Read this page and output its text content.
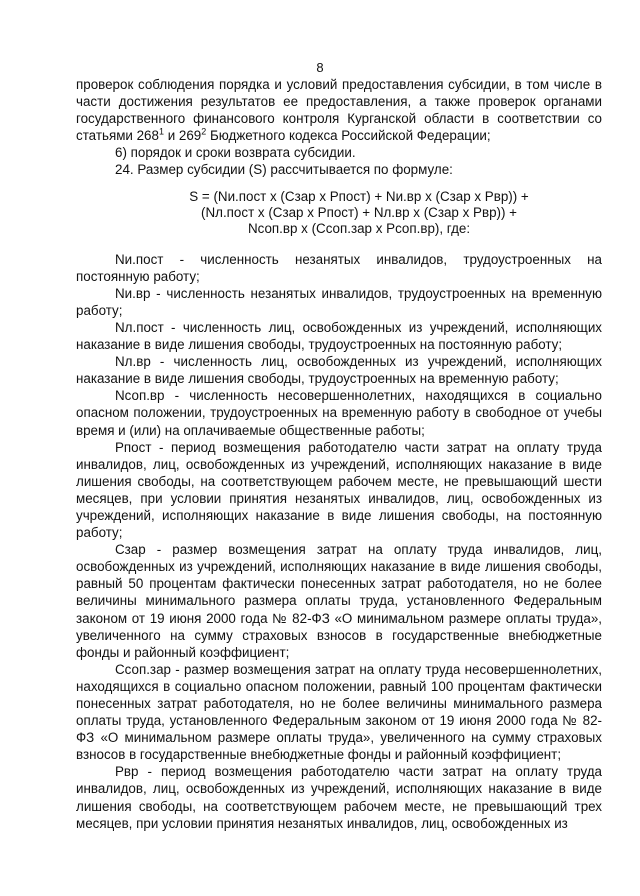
8

проверок соблюдения порядка и условий предоставления субсидии, в том числе в части достижения результатов ее предоставления, а также проверок органами государственного финансового контроля Курганской области в соответствии со статьями $268^1$ и $269^2$ Бюджетного кодекса Российской Федерации;

6) порядок и сроки возврата субсидии.

24. Размер субсидии (S) рассчитывается по формуле:

S = (Nи.пост x (Сзар x Рпост) + Nи.вр x (Сзар x Рвр)) +
(Nл.пост x (Сзар x Рпост) + Nл.вр x (Сзар x Рвр)) +
Nсоп.вр x (Ссоп.зар x Рсоп.вр), где:

Nи.пост - численность незанятых инвалидов, трудоустроенных на постоянную работу;

Nи.вр - численность незанятых инвалидов, трудоустроенных на временную работу;

Nл.пост - численность лиц, освобожденных из учреждений, исполняющих наказание в виде лишения свободы, трудоустроенных на постоянную работу;

Nл.вр - численность лиц, освобожденных из учреждений, исполняющих наказание в виде лишения свободы, трудоустроенных на временную работу;

Nсоп.вр - численность несовершеннолетних, находящихся в социально опасном положении, трудоустроенных на временную работу в свободное от учебы время и (или) на оплачиваемые общественные работы;

Рпост - период возмещения работодателю части затрат на оплату труда инвалидов, лиц, освобожденных из учреждений, исполняющих наказание в виде лишения свободы, на соответствующем рабочем месте, не превышающий шести месяцев, при условии принятия незанятых инвалидов, лиц, освобожденных из учреждений, исполняющих наказание в виде лишения свободы, на постоянную работу;

Сзар - размер возмещения затрат на оплату труда инвалидов, лиц, освобожденных из учреждений, исполняющих наказание в виде лишения свободы, равный 50 процентам фактически понесенных затрат работодателя, но не более величины минимального размера оплаты труда, установленного Федеральным законом от 19 июня 2000 года № 82-ФЗ «О минимальном размере оплаты труда», увеличенного на сумму страховых взносов в государственные внебюджетные фонды и районный коэффициент;

Ссоп.зар - размер возмещения затрат на оплату труда несовершеннолетних, находящихся в социально опасном положении, равный 100 процентам фактически понесенных затрат работодателя, но не более величины минимального размера оплаты труда, установленного Федеральным законом от 19 июня 2000 года № 82-ФЗ «О минимальном размере оплаты труда», увеличенного на сумму страховых взносов в государственные внебюджетные фонды и районный коэффициент;

Рвр - период возмещения работодателю части затрат на оплату труда инвалидов, лиц, освобожденных из учреждений, исполняющих наказание в виде лишения свободы, на соответствующем рабочем месте, не превышающий трех месяцев, при условии принятия незанятых инвалидов, лиц, освобожденных из
